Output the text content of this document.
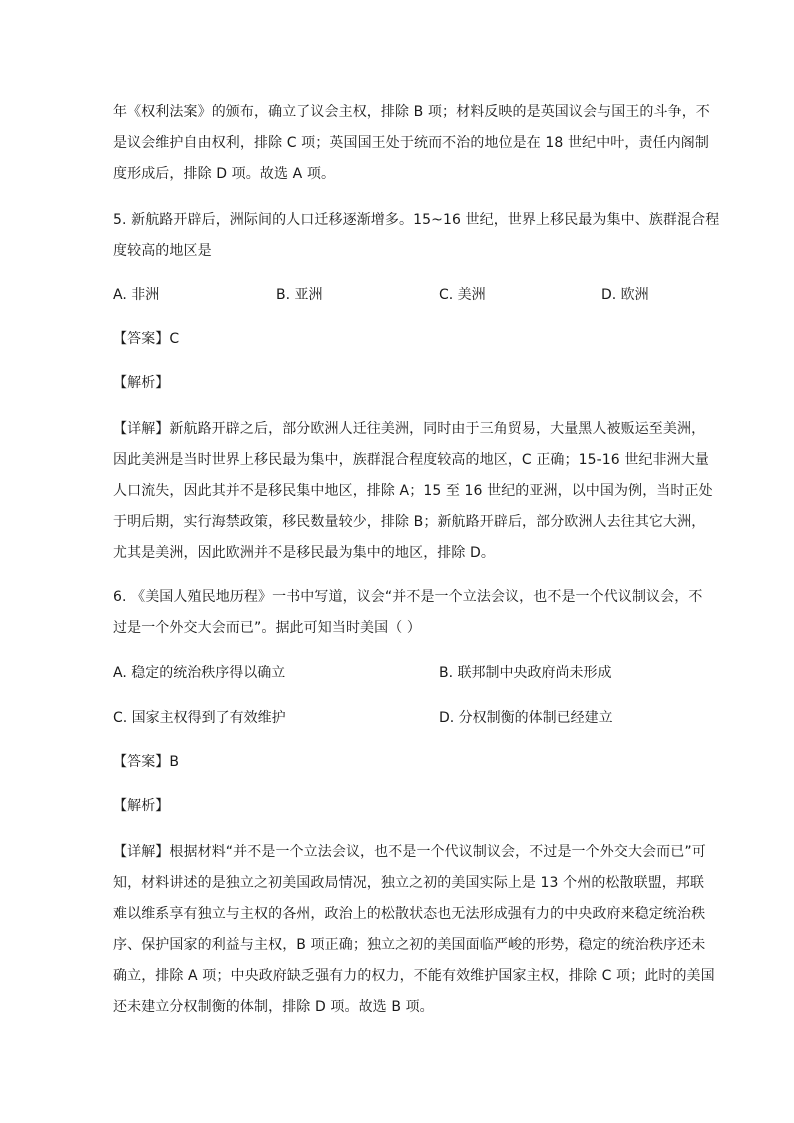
年《权利法案》的颁布，确立了议会主权，排除 B 项；材料反映的是英国议会与国王的斗争，不
是议会维护自由权利，排除 C 项；英国国王处于统而不治的地位是在 18 世纪中叶，责任内阁制
度形成后，排除 D 项。故选 A 项。
5. 新航路开辟后，洲际间的人口迁移逐渐增多。15~16 世纪，世界上移民最为集中、族群混合程
度较高的地区是
A. 非洲	B. 亚洲	C. 美洲	D. 欧洲
【答案】C
【解析】
【详解】新航路开辟之后，部分欧洲人迁往美洲，同时由于三角贸易，大量黑人被贩运至美洲，
因此美洲是当时世界上移民最为集中，族群混合程度较高的地区，C 正确；15-16 世纪非洲大量
人口流失，因此其并不是移民集中地区，排除 A；15 至 16 世纪的亚洲，以中国为例，当时正处
于明后期，实行海禁政策，移民数量较少，排除 B；新航路开辟后，部分欧洲人去往其它大洲，
尤其是美洲，因此欧洲并不是移民最为集中的地区，排除 D。
6. 《美国人殖民地历程》一书中写道，议会“并不是一个立法会议，也不是一个代议制议会，不
过是一个外交大会而已”。据此可知当时美国（ ）
A. 稳定的统治秩序得以确立	B. 联邦制中央政府尚未形成
C. 国家主权得到了有效维护	D. 分权制衡的体制已经建立
【答案】B
【解析】
【详解】根据材料“并不是一个立法会议，也不是一个代议制议会，不过是一个外交大会而已”可
知，材料讲述的是独立之初美国政局情况，独立之初的美国实际上是 13 个州的松散联盟，邦联
难以维系享有独立与主权的各州，政治上的松散状态也无法形成强有力的中央政府来稳定统治秩
序、保护国家的利益与主权，B 项正确；独立之初的美国面临严峻的形势，稳定的统治秩序还未
确立，排除 A 项；中央政府缺乏强有力的权力，不能有效维护国家主权，排除 C 项；此时的美国
还未建立分权制衡的体制，排除 D 项。故选 B 项。
